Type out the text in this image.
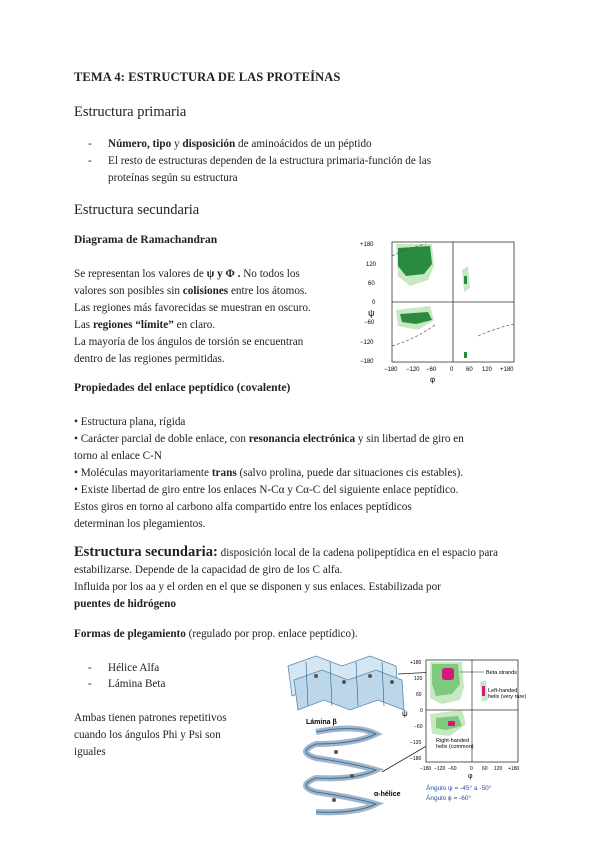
TEMA 4: ESTRUCTURA DE LAS PROTEÍNAS
Estructura primaria
- Número, tipo y disposición de aminoácidos de un péptido
- El resto de estructuras dependen de la estructura primaria-función de las
proteínas según su estructura
Estructura secundaria
Diagrama de Ramachandran
Se representan los valores de ψ y Φ . No todos los
valores son posibles sin colisiones entre los átomos.
Las regiones más favorecidas se muestran en oscuro.
Las regiones “límite” en claro.
La mayoría de los ángulos de torsión se encuentran
dentro de las regiones permitidas.
+180
120
60
0
−60
−120
−180
ψ
−180 −120 −60 0 60 120 +180
φ
Propiedades del enlace peptídico (covalente)
• Estructura plana, rígida
• Carácter parcial de doble enlace, con resonancia electrónica y sin libertad de giro en
torno al enlace C-N
• Moléculas mayoritariamente trans (salvo prolina, puede dar situaciones cis estables).
• Existe libertad de giro entre los enlaces N-Cα y Cα-C del siguiente enlace peptídico.
Estos giros en torno al carbono alfa compartido entre los enlaces peptídicos
determinan los plegamientos.
Estructura secundaria: disposición local de la cadena polipeptídica en el espacio para
estabilizarse. Depende de la capacidad de giro de los C alfa.
Influida por los aa y el orden en el que se disponen y sus enlaces. Estabilizada por
puentes de hidrógeno
Formas de plegamiento (regulado por prop. enlace peptídico).
- Hélice Alfa
- Lámina Beta
Ambas tienen patrones repetitivos
cuando los ángulos Phi y Psi son
iguales
Lámina β
α-hélice
Beta strands
Left-handed
helix (very rare)
Right-handed
helix (common)
+180
120
60
0
−60
−120
−180
ψ
−180 −120 −60	0 60 120 +180
φ
Ángulo ψ = -45° a -50°
Ángulo ϕ = -60°
